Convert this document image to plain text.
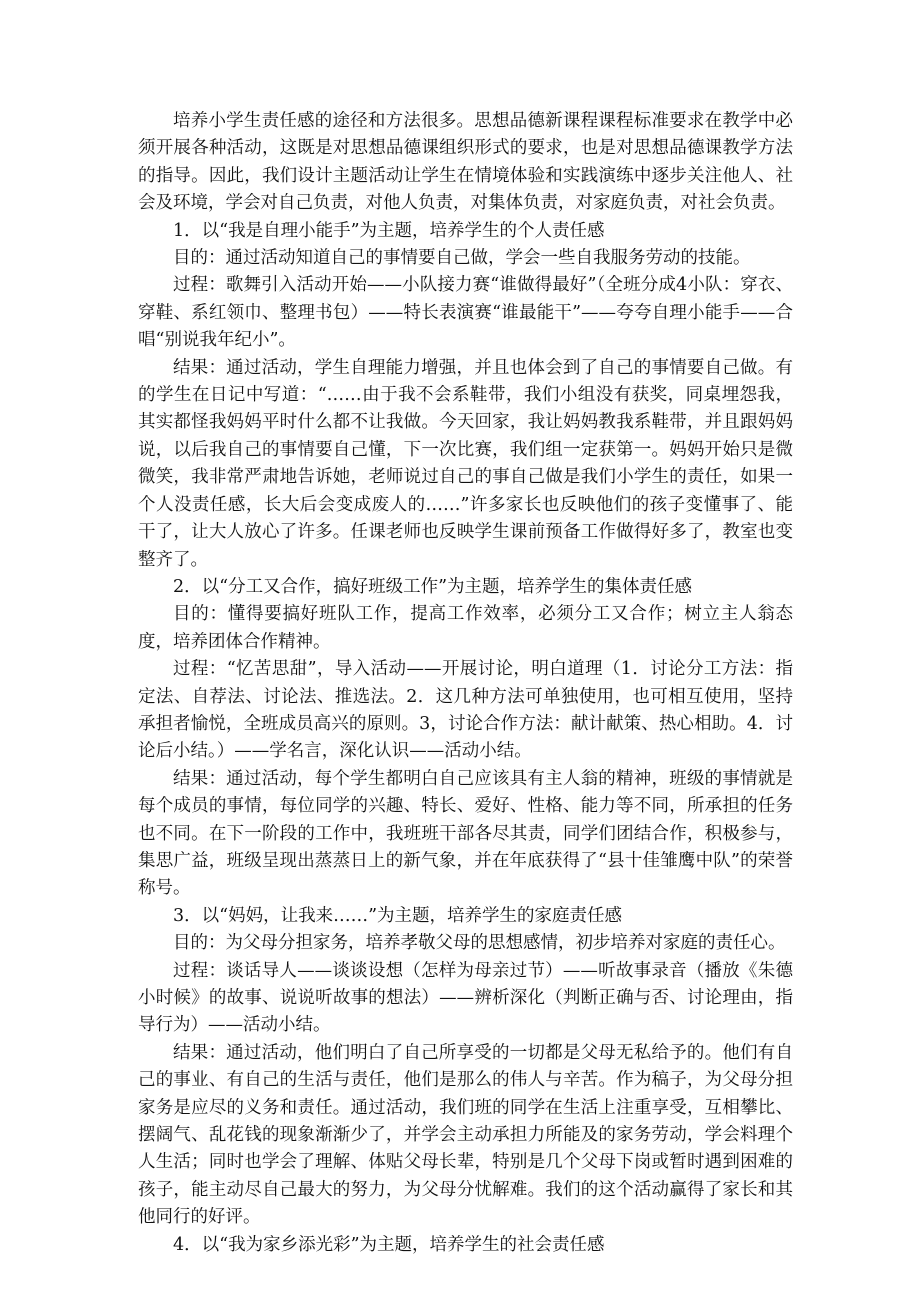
培养小学生责任感的途径和方法很多。思想品德新课程课程标准要求在教学中必须开展各种活动，这既是对思想品德课组织形式的要求，也是对思想品德课教学方法的指导。因此，我们设计主题活动让学生在情境体验和实践演练中逐步关注他人、社会及环境，学会对自己负责，对他人负责，对集体负责，对家庭负责，对社会负责。

1．以“我是自理小能手”为主题，培养学生的个人责任感

目的：通过活动知道自己的事情要自己做，学会一些自我服务劳动的技能。

过程：歌舞引入活动开始——小队接力赛“谁做得最好”（全班分成4小队：穿衣、穿鞋、系红领巾、整理书包）——特长表演赛“谁最能干”——夸夸自理小能手——合唱“别说我年纪小”。

结果：通过活动，学生自理能力增强，并且也体会到了自己的事情要自己做。有的学生在日记中写道：“……由于我不会系鞋带，我们小组没有获奖，同桌埋怨我，其实都怪我妈妈平时什么都不让我做。今天回家，我让妈妈教我系鞋带，并且跟妈妈说，以后我自己的事情要自己懂，下一次比赛，我们组一定获第一。妈妈开始只是微微笑，我非常严肃地告诉她，老师说过自己的事自己做是我们小学生的责任，如果一个人没责任感，长大后会变成废人的……”许多家长也反映他们的孩子变懂事了、能干了，让大人放心了许多。任课老师也反映学生课前预备工作做得好多了，教室也变整齐了。

2．以“分工又合作，搞好班级工作”为主题，培养学生的集体责任感

目的：懂得要搞好班队工作，提高工作效率，必须分工又合作；树立主人翁态度，培养团体合作精神。

过程：“忆苦思甜”，导入活动——开展讨论，明白道理（1．讨论分工方法：指定法、自荐法、讨论法、推选法。2．这几种方法可单独使用，也可相互使用，坚持承担者愉悦，全班成员高兴的原则。3，讨论合作方法：献计献策、热心相助。4．讨论后小结。）——学名言，深化认识——活动小结。

结果：通过活动，每个学生都明白自己应该具有主人翁的精神，班级的事情就是每个成员的事情，每位同学的兴趣、特长、爱好、性格、能力等不同，所承担的任务也不同。在下一阶段的工作中，我班班干部各尽其责，同学们团结合作，积极参与，集思广益，班级呈现出蒸蒸日上的新气象，并在年底获得了“县十佳雏鹰中队”的荣誉称号。

3．以“妈妈，让我来……”为主题，培养学生的家庭责任感

目的：为父母分担家务，培养孝敬父母的思想感情，初步培养对家庭的责任心。

过程：谈话导人——谈谈设想（怎样为母亲过节）——听故事录音（播放《朱德小时候》的故事、说说听故事的想法）——辨析深化（判断正确与否、讨论理由，指导行为）——活动小结。

结果：通过活动，他们明白了自己所享受的一切都是父母无私给予的。他们有自己的事业、有自己的生活与责任，他们是那么的伟人与辛苦。作为稿子，为父母分担家务是应尽的义务和责任。通过活动，我们班的同学在生活上注重享受，互相攀比、摆阔气、乱花钱的现象渐渐少了，并学会主动承担力所能及的家务劳动，学会料理个人生活；同时也学会了理解、体贴父母长辈，特别是几个父母下岗或暂时遇到困难的孩子，能主动尽自己最大的努力，为父母分忧解难。我们的这个活动赢得了家长和其他同行的好评。

4．以“我为家乡添光彩”为主题，培养学生的社会责任感
